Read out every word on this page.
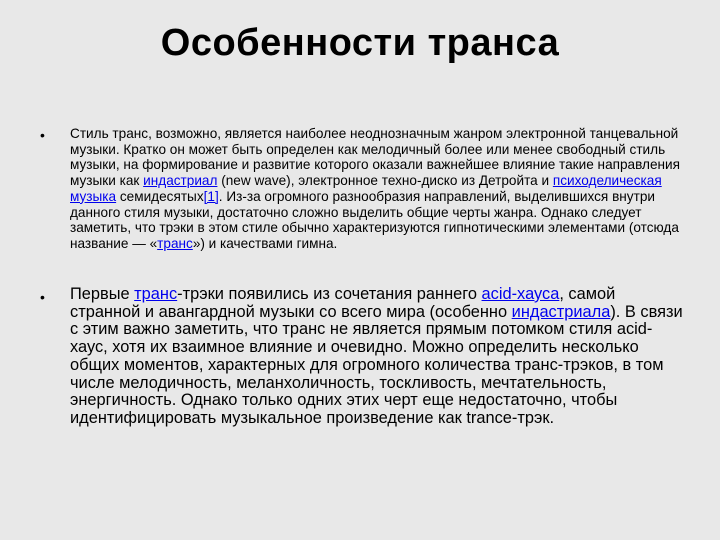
Особенности транса
•	Стиль транс, возможно, является наиболее неоднозначным жанром электронной танцевальной музыки. Кратко он может быть определен как мелодичный более или менее свободный стиль музыки, на формирование и развитие которого оказали важнейшее влияние такие направления музыки как индастриал (new wave), электронное техно-диско из Детройта и психоделическая музыка семидесятых[1]. Из-за огромного разнообразия направлений, выделившихся внутри данного стиля музыки, достаточно сложно выделить общие черты жанра. Однако следует заметить, что трэки в этом стиле обычно характеризуются гипнотическими элементами (отсюда название — «транс») и качествами гимна.
•	Первые транс-трэки появились из сочетания раннего acid-хауса, самой странной и авангардной музыки со всего мира (особенно индастриала). В связи с этим важно заметить, что транс не является прямым потомком стиля acid-хаус, хотя их взаимное влияние и очевидно. Можно определить несколько общих моментов, характерных для огромного количества транс-трэков, в том числе мелодичность, меланхоличность, тоскливость, мечтательность, энергичность. Однако только одних этих черт еще недостаточно, чтобы идентифицировать музыкальное произведение как trance-трэк.
